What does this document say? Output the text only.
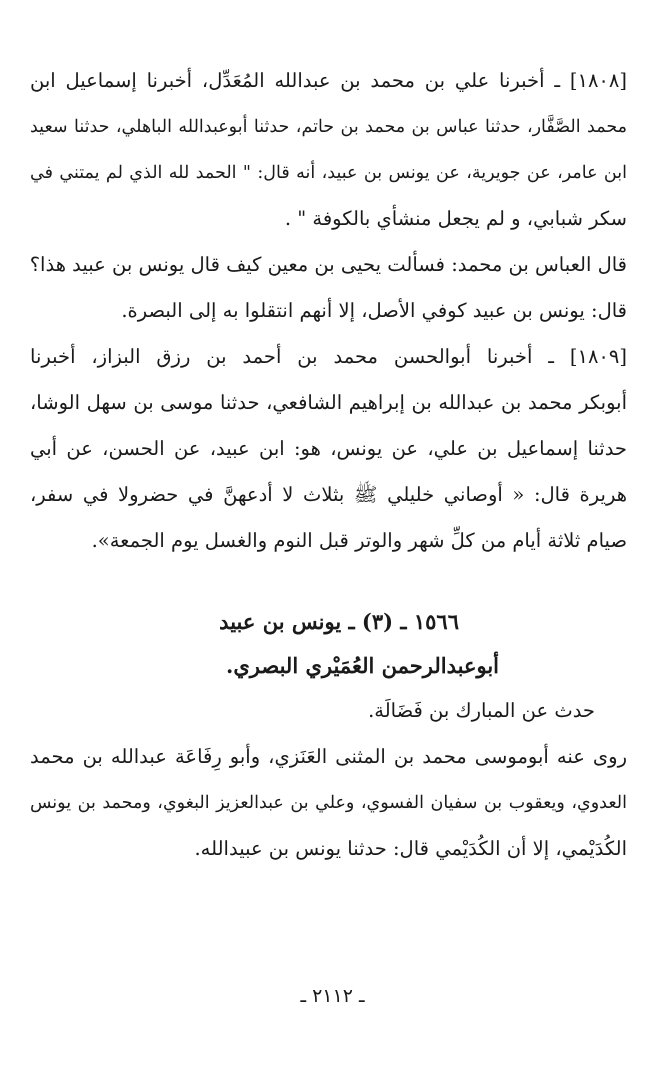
[١٨٠٨] ـ أخبرنا علي بن محمد بن عبدالله المُعَدِّل، أخبرنا إسماعيل ابن
محمد الصَّفَّار، حدثنا عباس بن محمد بن حاتم، حدثنا أبوعبدالله الباهلي، حدثنا سعيد
ابن عامر، عن جويرية، عن يونس بن عبيد، أنه قال: " الحمد لله الذي لم يمتني في
سكر شبابي، و لم يجعل منشأي بالكوفة " .
قال العباس بن محمد: فسألت يحيى بن معين كيف قال يونس بن عبيد هذا؟
قال: يونس بن عبيد كوفي الأصل، إلا أنهم انتقلوا به إلى البصرة.
[١٨٠٩] ـ أخبرنا أبوالحسن محمد بن أحمد بن رزق البزاز، أخبرنا
أبوبكر محمد بن عبدالله بن إبراهيم الشافعي، حدثنا موسى بن سهل الوشا،
حدثنا إسماعيل بن علي، عن يونس، هو: ابن عبيد، عن الحسن، عن أبي
هريرة قال: « أوصاني خليلي ﷺ بثلاث لا أدعهنَّ في حضرولا في سفر،
صيام ثلاثة أيام من كلِّ شهر والوتر قبل النوم والغسل يوم الجمعة».
١٥٦٦ ـ (٣) ـ يونس بن عبيد
أبوعبدالرحمن العُمَيْري البصري.
حدث عن المبارك بن فَضَالَة.
روى عنه أبوموسى محمد بن المثنى العَنَزي، وأبو رِفَاعَة عبدالله بن محمد
العدوي، ويعقوب بن سفيان الفسوي، وعلي بن عبدالعزيز البغوي، ومحمد بن يونس
الكُدَيْمي، إلا أن الكُدَيْمي قال: حدثنا يونس بن عبيدالله.
ـ ٢١١٢ ـ
